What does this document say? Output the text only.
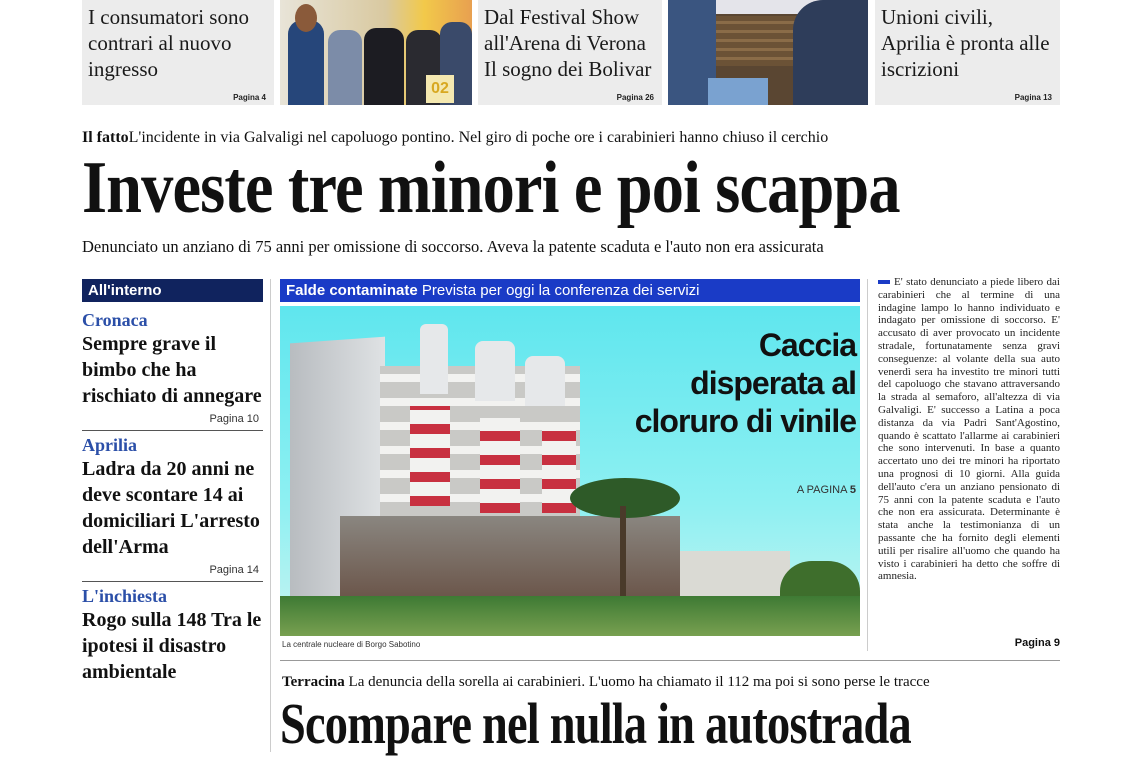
I consumatori sono contrari al nuovo ingresso
Pagina 4
02
Dal Festival Show all'Arena di Verona Il sogno dei Bolivar
Pagina 26
Unioni civili, Aprilia è pronta alle iscrizioni
Pagina 13
Il fattoL'incidente in via Galvaligi nel capoluogo pontino. Nel giro di poche ore i carabinieri hanno chiuso il cerchio
Investe tre minori e poi scappa
Denunciato un anziano di 75 anni per omissione di soccorso. Aveva la patente scaduta e l'auto non era assicurata
All'interno
Cronaca
Sempre grave il bimbo che ha rischiato di annegare
Pagina 10
Aprilia
Ladra da 20 anni ne deve scontare 14 ai domiciliari L'arresto dell'Arma
Pagina 14
L'inchiesta
Rogo sulla 148 Tra le ipotesi il disastro ambientale
Falde contaminate Prevista per oggi la conferenza dei servizi
Caccia disperata al cloruro di vinile
A PAGINA 5
La centrale nucleare di Borgo Sabotino
E' stato denunciato a piede libero dai carabinieri che al termine di una indagine lampo lo hanno individuato e indagato per omissione di soccorso. E' accusato di aver provocato un incidente stradale, fortunatamente senza gravi conseguenze: al volante della sua auto venerdì sera ha investito tre minori tutti del capoluogo che stavano attraversando la strada al semaforo, all'altezza di via Galvaligi. E' successo a Latina a poca distanza da via Padri Sant'Agostino, quando è scattato l'allarme ai carabinieri che sono intervenuti. In base a quanto accertato uno dei tre minori ha riportato una prognosi di 10 giorni. Alla guida dell'auto c'era un anziano pensionato di 75 anni con la patente scaduta e l'auto che non era assicurata. Determinante è stata anche la testimonianza di un passante che ha fornito degli elementi utili per risalire all'uomo che quando ha visto i carabinieri ha detto che soffre di amnesia.
Pagina 9
Terracina La denuncia della sorella ai carabinieri. L'uomo ha chiamato il 112 ma poi si sono perse le tracce
Scompare nel nulla in autostrada
